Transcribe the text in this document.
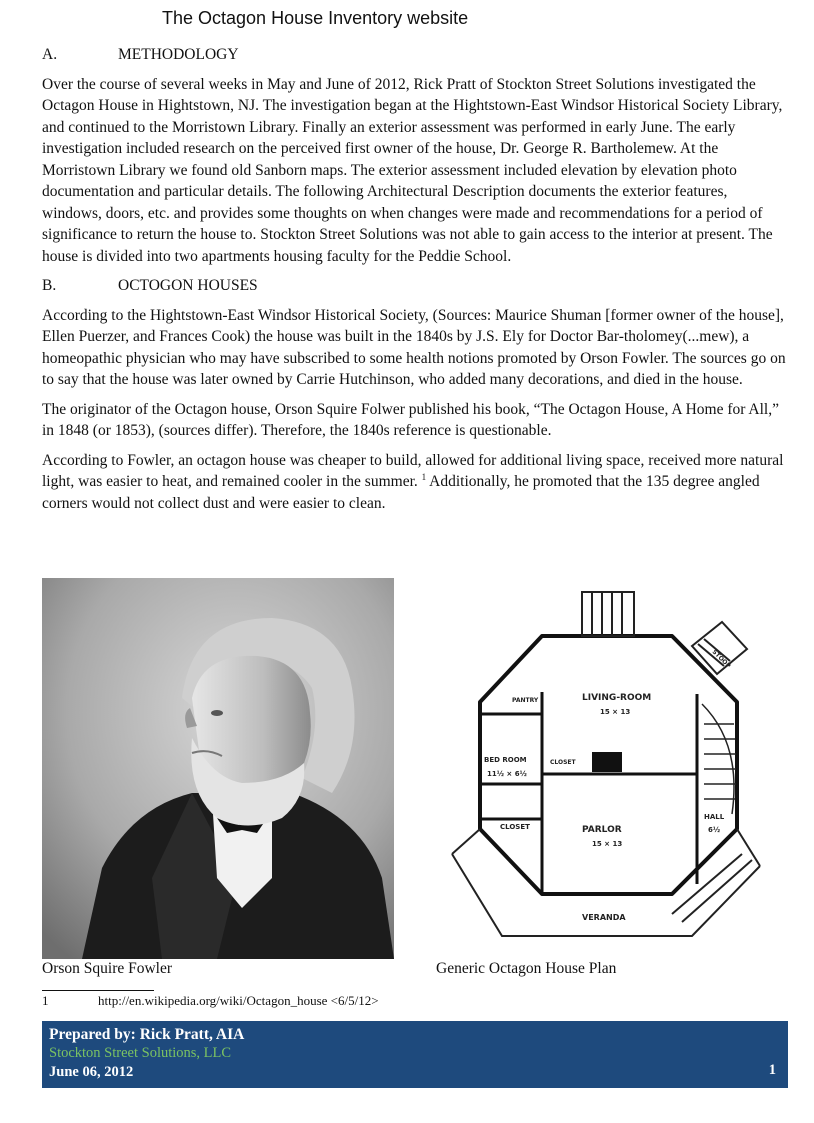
The Octagon House Inventory website
A.	METHODOLOGY

Over the course of several weeks in May and June of 2012, Rick Pratt of Stockton Street Solutions investigated the Octagon House in Hightstown, NJ. The investigation began at the Hightstown-East Windsor Historical Society Library, and continued to the Morristown Library. Finally an exterior assessment was performed in early June. The early investigation included research on the perceived first owner of the house, Dr. George R. Bartholemew. At the Morristown Library we found old Sanborn maps. The exterior assessment included elevation by elevation photo documentation and particular details. The following Architectural Description documents the exterior features, windows, doors, etc. and provides some thoughts on when changes were made and recommendations for a period of significance to return the house to. Stockton Street Solutions was not able to gain access to the interior at present. The house is divided into two apartments housing faculty for the Peddie School.

B.	OCTOGON HOUSES

According to the Hightstown-East Windsor Historical Society, (Sources: Maurice Shuman [former owner of the house], Ellen Puerzer, and Frances Cook) the house was built in the 1840s by J.S. Ely for Doctor Bar-tholomey(...mew), a homeopathic physician who may have subscribed to some health notions promoted by Orson Fowler. The sources go on to say that the house was later owned by Carrie Hutchinson, who added many decorations, and died in the house.

The originator of the Octagon house, Orson Squire Folwer published his book, “The Octagon House, A Home for All,” in 1848 (or 1853), (sources differ). Therefore, the 1840s reference is questionable.

According to Fowler, an octagon house was cheaper to build, allowed for additional living space, received more natural light, was easier to heat, and remained cooler in the summer. $^1$ Additionally, he promoted that the 135 degree angled corners would not collect dust and were easier to clean.

LIVING-ROOM
15 × 13
PANTRY
BED ROOM
11½ × 6½
CLOSET
CLOSET	PARLOR
15 × 13
HALL
6½
STOOP
VERANDA
Orson Squire Fowler	Generic Octagon House Plan
1	http://en.wikipedia.org/wiki/Octagon_house <6/5/12>
Prepared by: Rick Pratt, AIA
Stockton Street Solutions, LLC
June 06, 2012	1
